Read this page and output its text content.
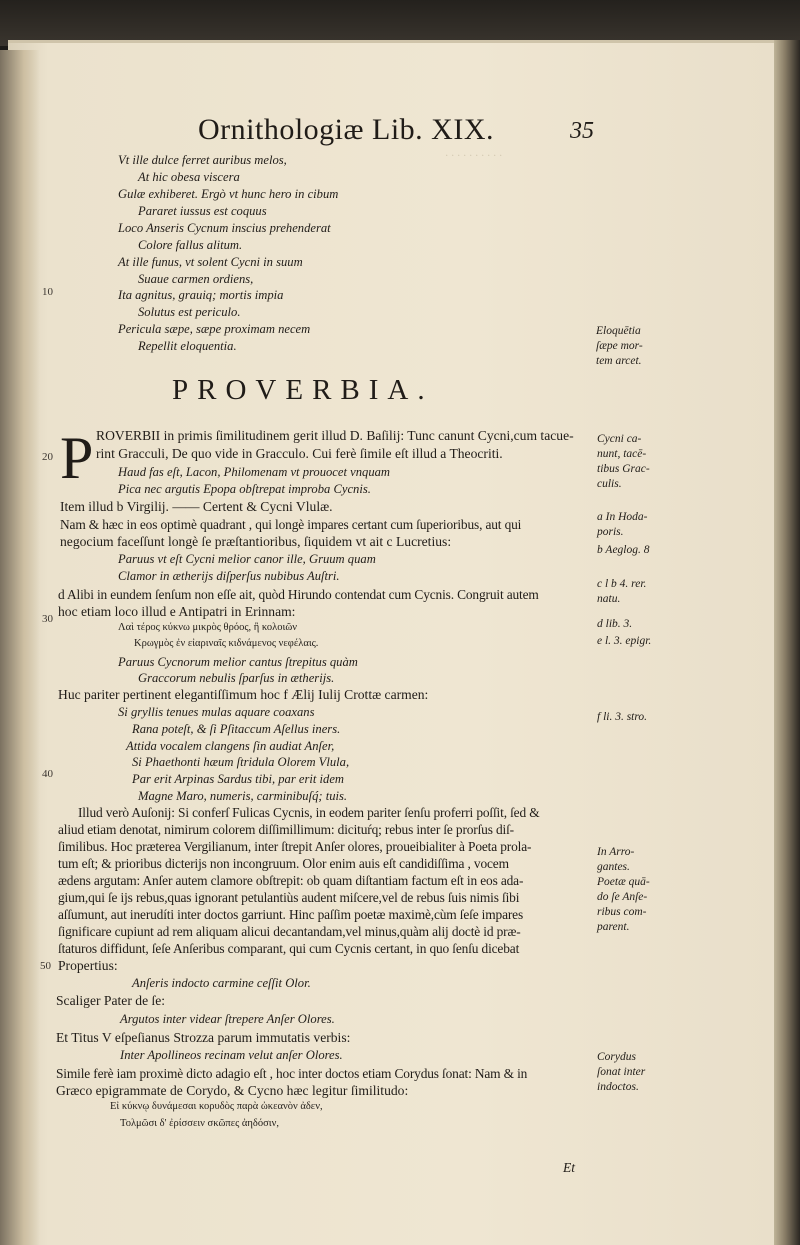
· · · · · · · · · ·
Ornithologiæ Lib. XIX.	35
Vt ille dulce ferret auribus melos,
At hic obesa viscera
Gulæ exhiberet. Ergò vt hunc hero in cibum
Pararet iussus est coquus
Loco Anseris Cycnum inscius prehenderat
Colore fallus alitum.
At ille funus, vt solent Cycni in suum
Suaue carmen ordiens,
Ita agnitus, grauiq; mortis impia
Solutus est periculo.
Pericula sæpe, sæpe proximam necem
Repellit eloquentia.
10
Eloquētia ſæpe mor- tem arcet.
PROVERBIA.
P ROVERBII in primis ſimilitudinem gerit illud D. Baſilij: Tunc canunt Cycni,cum tacue-
rint Gracculi, De quo vide in Gracculo. Cui ferè ſimile eſt illud a Theocriti.
20
Haud fas eſt, Lacon, Philomenam vt prouocet vnquam
Pica nec argutis Epopa obſtrepat improba Cycnis.
Item illud b Virgilij. —— Certent & Cycni Vlulæ.
Nam & hæc in eos optimè quadrant , qui longè impares certant cum ſuperioribus, aut qui
negocium faceſſunt longè ſe præſtantioribus, ſiquidem vt ait c Lucretius:
Paruus vt eſt Cycni melior canor ille, Gruum quam
Clamor in ætherijs diſperſus nubibus Auſtri.
d Alibi in eundem ſenſum non eſſe ait, quòd Hirundo contendat cum Cycnis. Congruit autem
hoc etiam loco illud e Antipatri in Erinnam:
30
Λαὶ τέρος κύκνω μικρὸς θρόος, ἢ κολοιῶν
Κρωγμὸς ἐν εἰαριναῖς κιδνάμενος νεφέλαις.
Paruus Cycnorum melior cantus ſtrepitus quàm
Graccorum nebulis ſparſus in ætherijs.
Huc pariter pertinent elegantiſſimum hoc f Ælij Iulij Crottæ carmen:
Si gryllis tenues mulas aquare coaxans
Rana poteſt, & ſi Pſitaccum Aſellus iners.
Attida vocalem clangens ſin audiat Anſer,
Si Phaethonti hæum ſtridula Olorem Vlula,
Par erit Arpinas Sardus tibi, par erit idem
40
Magne Maro, numeris, carminibuſq́; tuis.
Illud verò Auſonij: Si conferſ Fulicas Cycnis, in eodem pariter ſenſu proferri poſſit, ſed &
aliud etiam denotat, nimirum colorem diſſimillimum: dicituŕq; rebus inter ſe prorſus diſ-
ſimilibus. Hoc præterea Vergilianum, inter ſtrepit Anſer olores, proueibialiter à Poeta prola-
tum eſt; & prioribus dicterijs non incongruum. Olor enim auis eſt candidiſſima , vocem
ædens argutam: Anſer autem clamore obſtrepit: ob quam diſtantiam factum eſt in eos ada-
gium,qui ſe ijs rebus,quas ignorant petulantiùs audent miſcere,vel de rebus ſuis nimis ſibi
aſſumunt, aut inerudíti inter doctos garriunt. Hinc paſſim poetæ maximè,cùm ſeſe impares
ſignificare cupiunt ad rem aliquam alicui decantandam,vel minus,quàm alij doctè id præ-
ſtaturos diffidunt, ſeſe Anſeribus comparant, qui cum Cycnis certant, in quo ſenſu dicebat
50 Propertius:
Anſeris indocto carmine ceſſit Olor.
Scaliger Pater de ſe:
Argutos inter videar ſtrepere Anſer Olores.
Et Titus V eſpeſianus Strozza parum immutatis verbis:
Inter Apollineos recinam velut anſer Olores.
Simile ferè iam proximè dicto adagio eſt , hoc inter doctos etiam Corydus ſonat: Nam & in
Græco epigrammate de Corydo, & Cycno hæc legitur ſimilitudo:
Εἰ κύκνῳ δυνάμεσαι κορυδὸς παρὰ ὠκεανὸν ἀδεν,
Τολμῶσι δ' ἐρίσσειν σκῶπες ἀηδόσιν,
Et
Cycni ca- nunt, tacē- tibus Grac- culis.
a In Hoda- poris.
b Aeglog. 8
c l b 4. rer. natu.
d lib. 3.
e l. 3. epigr.
f li. 3. stro.
In Arro- gantes. Poetæ quā- do ſe Anſe- ribus com- parent.
Corydus ſonat inter indoctos.
